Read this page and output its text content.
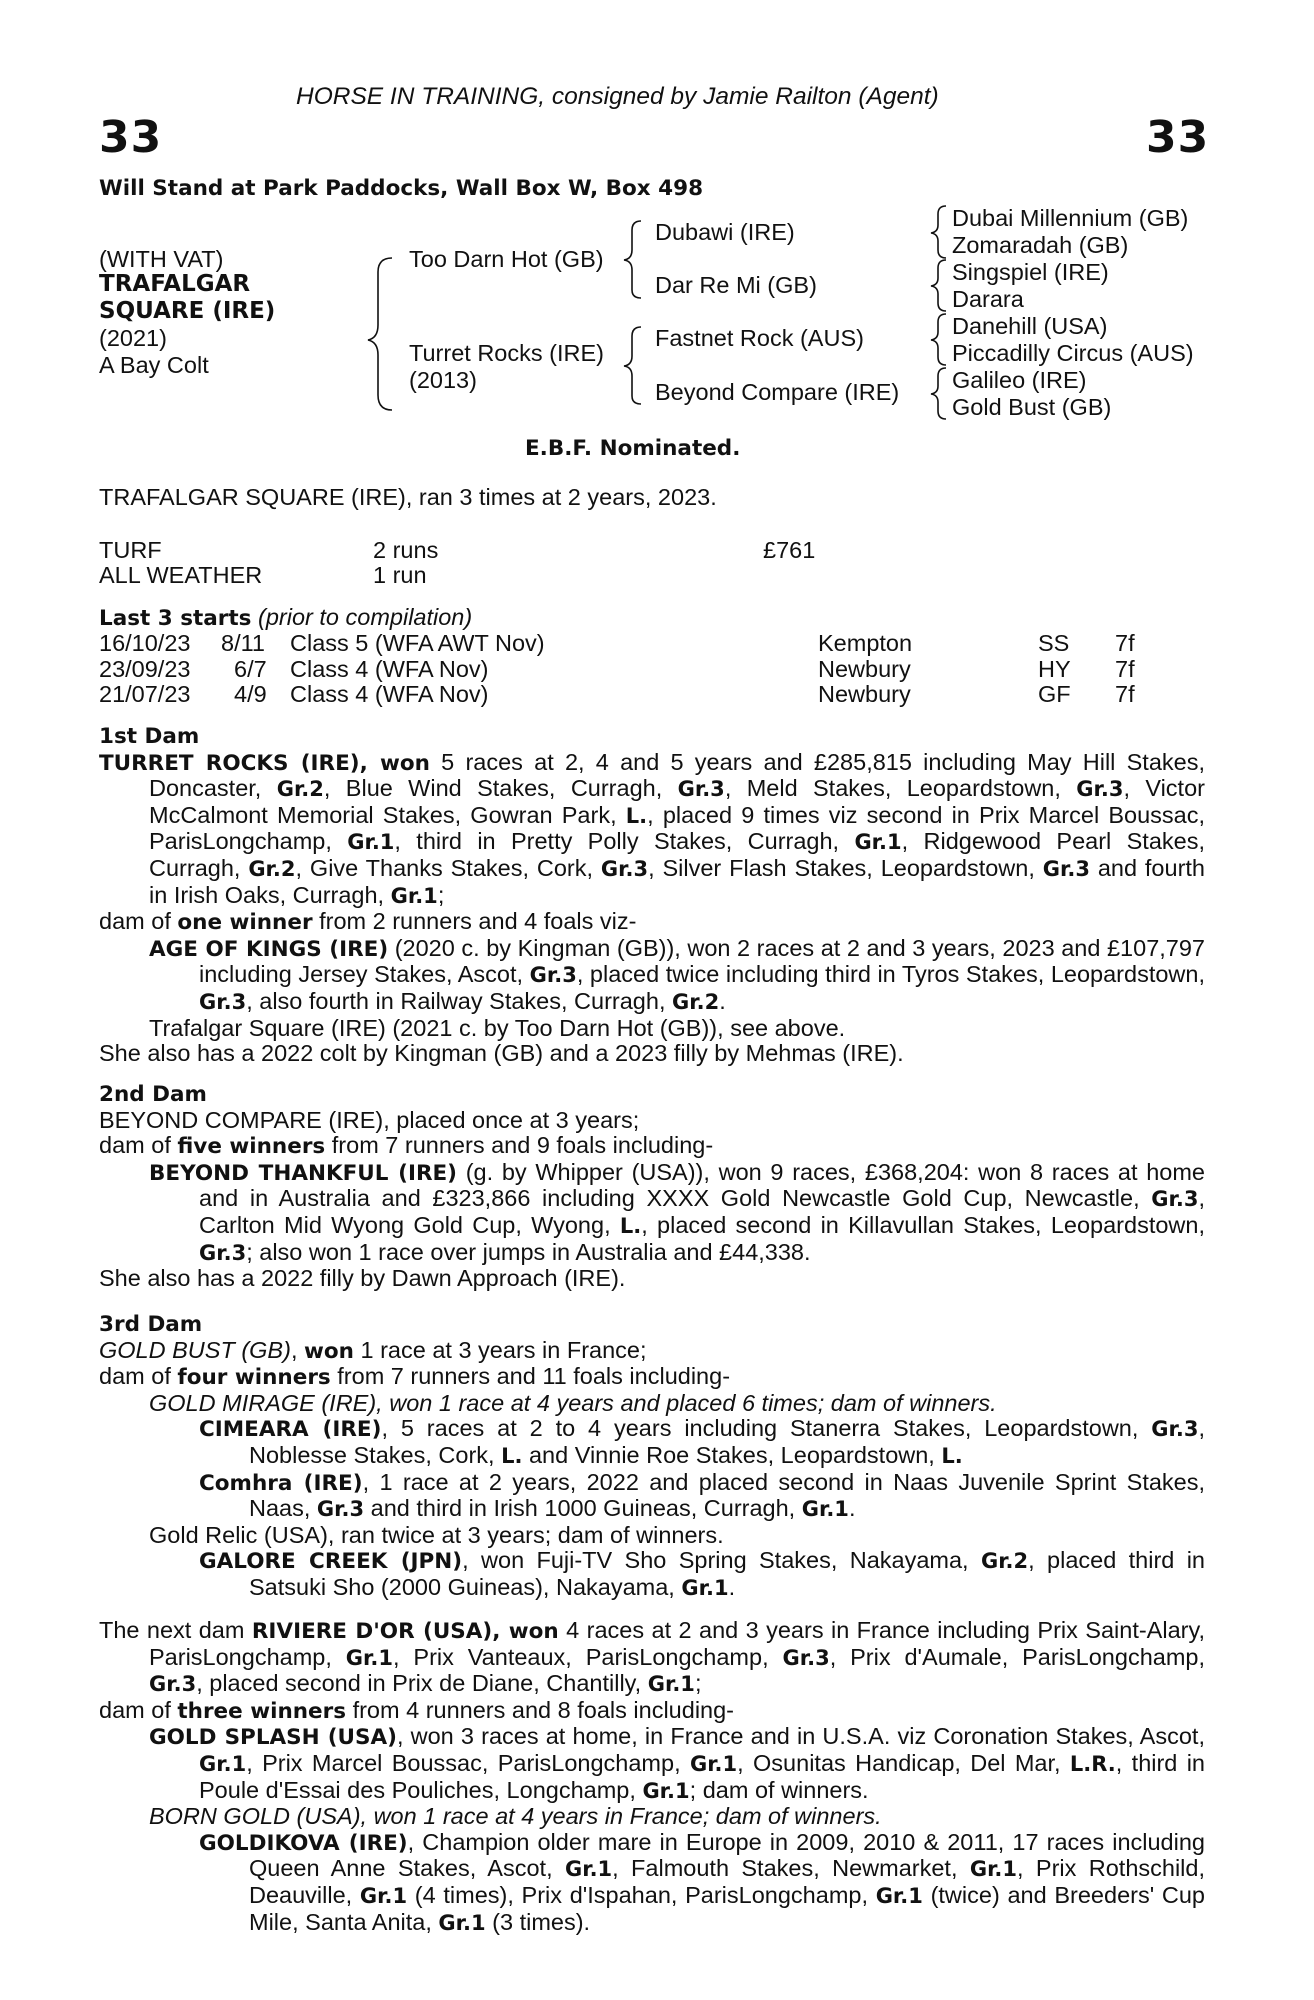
HORSE IN TRAINING, consigned by Jamie Railton (Agent)
33	33
Will Stand at Park Paddocks, Wall Box W, Box 498
(WITH VAT)
TRAFALGAR
SQUARE (IRE)
(2021)
A Bay Colt
Too Darn Hot (GB)
Turret Rocks (IRE)
(2013)
Dubawi (IRE)
Dar Re Mi (GB)
Fastnet Rock (AUS)
Beyond Compare (IRE)
Dubai Millennium (GB)
Zomaradah (GB)
Singspiel (IRE)
Darara
Danehill (USA)
Piccadilly Circus (AUS)
Galileo (IRE)
Gold Bust (GB)
E.B.F. Nominated.
TRAFALGAR SQUARE (IRE), ran 3 times at 2 years, 2023.
TURF	2 runs	£761
ALL WEATHER	1 run
Last 3 starts (prior to compilation)
16/10/23 8/11 Class 5 (WFA AWT Nov)	Kempton	SS 7f
23/09/23 6/7 Class 4 (WFA Nov)	Newbury	HY 7f
21/07/23 4/9 Class 4 (WFA Nov)	Newbury	GF 7f
1st Dam
TURRET ROCKS (IRE), won 5 races at 2, 4 and 5 years and £285,815 including May Hill Stakes, Doncaster, Gr.2, Blue Wind Stakes, Curragh, Gr.3, Meld Stakes, Leopardstown, Gr.3, Victor McCalmont Memorial Stakes, Gowran Park, L., placed 9 times viz second in Prix Marcel Boussac, ParisLongchamp, Gr.1, third in Pretty Polly Stakes, Curragh, Gr.1, Ridgewood Pearl Stakes, Curragh, Gr.2, Give Thanks Stakes, Cork, Gr.3, Silver Flash Stakes, Leopardstown, Gr.3 and fourth in Irish Oaks, Curragh, Gr.1;
dam of one winner from 2 runners and 4 foals viz-
AGE OF KINGS (IRE) (2020 c. by Kingman (GB)), won 2 races at 2 and 3 years, 2023 and £107,797 including Jersey Stakes, Ascot, Gr.3, placed twice including third in Tyros Stakes, Leopardstown, Gr.3, also fourth in Railway Stakes, Curragh, Gr.2.
Trafalgar Square (IRE) (2021 c. by Too Darn Hot (GB)), see above.
She also has a 2022 colt by Kingman (GB) and a 2023 filly by Mehmas (IRE).
2nd Dam
BEYOND COMPARE (IRE), placed once at 3 years;
dam of five winners from 7 runners and 9 foals including-
BEYOND THANKFUL (IRE) (g. by Whipper (USA)), won 9 races, £368,204: won 8 races at home and in Australia and £323,866 including XXXX Gold Newcastle Gold Cup, Newcastle, Gr.3, Carlton Mid Wyong Gold Cup, Wyong, L., placed second in Killavullan Stakes, Leopardstown, Gr.3; also won 1 race over jumps in Australia and £44,338.
She also has a 2022 filly by Dawn Approach (IRE).
3rd Dam
GOLD BUST (GB), won 1 race at 3 years in France;
dam of four winners from 7 runners and 11 foals including-
GOLD MIRAGE (IRE), won 1 race at 4 years and placed 6 times; dam of winners.
CIMEARA (IRE), 5 races at 2 to 4 years including Stanerra Stakes, Leopardstown, Gr.3, Noblesse Stakes, Cork, L. and Vinnie Roe Stakes, Leopardstown, L.
Comhra (IRE), 1 race at 2 years, 2022 and placed second in Naas Juvenile Sprint Stakes, Naas, Gr.3 and third in Irish 1000 Guineas, Curragh, Gr.1.
Gold Relic (USA), ran twice at 3 years; dam of winners.
GALORE CREEK (JPN), won Fuji-TV Sho Spring Stakes, Nakayama, Gr.2, placed third in Satsuki Sho (2000 Guineas), Nakayama, Gr.1.
The next dam RIVIERE D'OR (USA), won 4 races at 2 and 3 years in France including Prix Saint-Alary, ParisLongchamp, Gr.1, Prix Vanteaux, ParisLongchamp, Gr.3, Prix d'Aumale, ParisLongchamp, Gr.3, placed second in Prix de Diane, Chantilly, Gr.1;
dam of three winners from 4 runners and 8 foals including-
GOLD SPLASH (USA), won 3 races at home, in France and in U.S.A. viz Coronation Stakes, Ascot, Gr.1, Prix Marcel Boussac, ParisLongchamp, Gr.1, Osunitas Handicap, Del Mar, L.R., third in Poule d'Essai des Pouliches, Longchamp, Gr.1; dam of winners.
BORN GOLD (USA), won 1 race at 4 years in France; dam of winners.
GOLDIKOVA (IRE), Champion older mare in Europe in 2009, 2010 & 2011, 17 races including Queen Anne Stakes, Ascot, Gr.1, Falmouth Stakes, Newmarket, Gr.1, Prix Rothschild, Deauville, Gr.1 (4 times), Prix d'Ispahan, ParisLongchamp, Gr.1 (twice) and Breeders' Cup Mile, Santa Anita, Gr.1 (3 times).
